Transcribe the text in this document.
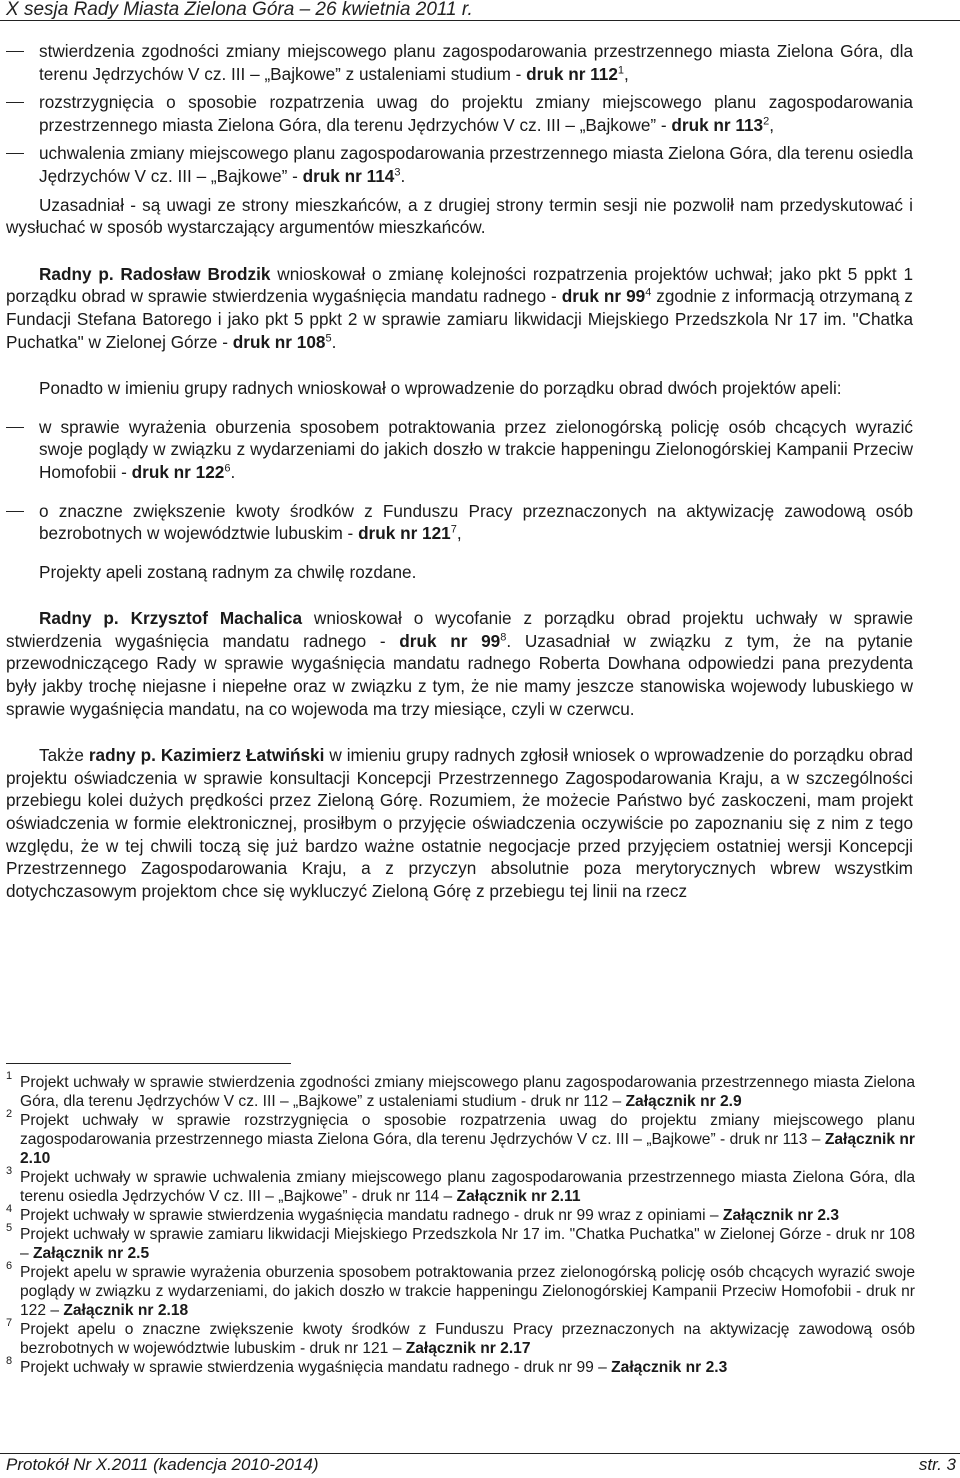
X sesja Rady Miasta Zielona Góra – 26 kwietnia 2011 r.

stwierdzenia zgodności zmiany miejscowego planu zagospodarowania przestrzennego miasta Zielona Góra, dla terenu Jędrzychów V cz. III – „Bajkowe” z ustaleniami studium - druk nr $112^1$,

rozstrzygnięcia o sposobie rozpatrzenia uwag do projektu zmiany miejscowego planu zagospodarowania przestrzennego miasta Zielona Góra, dla terenu Jędrzychów V cz. III – „Bajkowe” - druk nr $113^2$,

uchwalenia zmiany miejscowego planu zagospodarowania przestrzennego miasta Zielona Góra, dla terenu osiedla Jędrzychów V cz. III – „Bajkowe” - druk nr $114^3$.

Uzasadniał - są uwagi ze strony mieszkańców, a z drugiej strony termin sesji nie pozwolił nam przedyskutować i wysłuchać w sposób wystarczający argumentów mieszkańców.

Radny p. Radosław Brodzik wnioskował o zmianę kolejności rozpatrzenia projektów uchwał; jako pkt 5 ppkt 1 porządku obrad w sprawie stwierdzenia wygaśnięcia mandatu radnego - druk nr $99^4$ zgodnie z informacją otrzymaną z Fundacji Stefana Batorego i jako pkt 5 ppkt 2 w sprawie zamiaru likwidacji Miejskiego Przedszkola Nr 17 im. "Chatka Puchatka" w Zielonej Górze - druk nr $108^5$.

Ponadto w imieniu grupy radnych wnioskował o wprowadzenie do porządku obrad dwóch projektów apeli:

w sprawie wyrażenia oburzenia sposobem potraktowania przez zielonogórską policję osób chcących wyrazić swoje poglądy w związku z wydarzeniami do jakich doszło w trakcie happeningu Zielonogórskiej Kampanii Przeciw Homofobii - druk nr $122^6$.

o znaczne zwiększenie kwoty środków z Funduszu Pracy przeznaczonych na aktywizację zawodową osób bezrobotnych w województwie lubuskim - druk nr $121^7$,

Projekty apeli zostaną radnym za chwilę rozdane.

Radny p. Krzysztof Machalica wnioskował o wycofanie z porządku obrad projektu uchwały w sprawie stwierdzenia wygaśnięcia mandatu radnego - druk nr $99^8$. Uzasadniał w związku z tym, że na pytanie przewodniczącego Rady w sprawie wygaśnięcia mandatu radnego Roberta Dowhana odpowiedzi pana prezydenta były jakby trochę niejasne i niepełne oraz w związku z tym, że nie mamy jeszcze stanowiska wojewody lubuskiego w sprawie wygaśnięcia mandatu, na co wojewoda ma trzy miesiące, czyli w czerwcu.

Także radny p. Kazimierz Łatwiński w imieniu grupy radnych zgłosił wniosek o wprowadzenie do porządku obrad projektu oświadczenia w sprawie konsultacji Koncepcji Przestrzennego Zagospodarowania Kraju, a w szczególności przebiegu kolei dużych prędkości przez Zieloną Górę. Rozumiem, że możecie Państwo być zaskoczeni, mam projekt oświadczenia w formie elektronicznej, prosiłbym o przyjęcie oświadczenia oczywiście po zapoznaniu się z nim z tego względu, że w tej chwili toczą się już bardzo ważne ostatnie negocjacje przed przyjęciem ostatniej wersji Koncepcji Przestrzennego Zagospodarowania Kraju, a z przyczyn absolutnie poza merytorycznych wbrew wszystkim dotychczasowym projektom chce się wykluczyć Zieloną Górę z przebiegu tej linii na rzecz

1 Projekt uchwały w sprawie stwierdzenia zgodności zmiany miejscowego planu zagospodarowania przestrzennego miasta Zielona Góra, dla terenu Jędrzychów V cz. III – „Bajkowe” z ustaleniami studium - druk nr 112 – Załącznik nr 2.9

2 Projekt uchwały w sprawie rozstrzygnięcia o sposobie rozpatrzenia uwag do projektu zmiany miejscowego planu zagospodarowania przestrzennego miasta Zielona Góra, dla terenu Jędrzychów V cz. III – „Bajkowe” - druk nr 113 – Załącznik nr 2.10

3 Projekt uchwały w sprawie uchwalenia zmiany miejscowego planu zagospodarowania przestrzennego miasta Zielona Góra, dla terenu osiedla Jędrzychów V cz. III – „Bajkowe” - druk nr 114 – Załącznik nr 2.11

4 Projekt uchwały w sprawie stwierdzenia wygaśnięcia mandatu radnego - druk nr 99 wraz z opiniami – Załącznik nr 2.3

5 Projekt uchwały w sprawie zamiaru likwidacji Miejskiego Przedszkola Nr 17 im. "Chatka Puchatka" w Zielonej Górze - druk nr 108 – Załącznik nr 2.5

6 Projekt apelu w sprawie wyrażenia oburzenia sposobem potraktowania przez zielonogórską policję osób chcących wyrazić swoje poglądy w związku z wydarzeniami, do jakich doszło w trakcie happeningu Zielonogórskiej Kampanii Przeciw Homofobii - druk nr 122 – Załącznik nr 2.18

7 Projekt apelu o znaczne zwiększenie kwoty środków z Funduszu Pracy przeznaczonych na aktywizację zawodową osób bezrobotnych w województwie lubuskim - druk nr 121 – Załącznik nr 2.17

8 Projekt uchwały w sprawie stwierdzenia wygaśnięcia mandatu radnego - druk nr 99 – Załącznik nr 2.3

Protokół Nr X.2011 (kadencja 2010-2014)	str. 3
